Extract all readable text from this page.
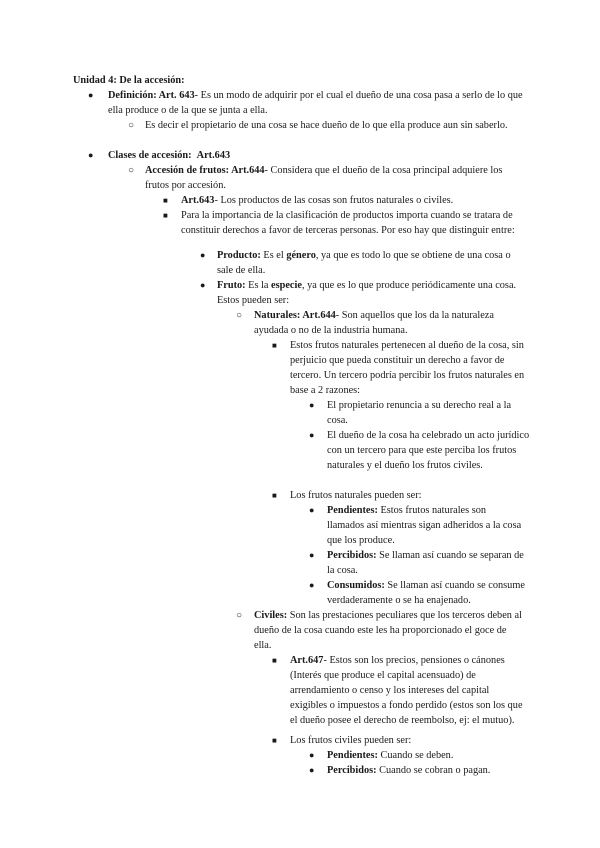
Unidad 4: De la accesión:
● Definición: Art. 643- Es un modo de adquirir por el cual el dueño de una cosa pasa a serlo de lo que ella produce o de la que se junta a ella.
○ Es decir el propietario de una cosa se hace dueño de lo que ella produce aun sin saberlo.
● Clases de accesión: Art.643
○ Accesión de frutos: Art.644- Considera que el dueño de la cosa principal adquiere los frutos por accesión.
■ Art.643- Los productos de las cosas son frutos naturales o civiles.
■ Para la importancia de la clasificación de productos importa cuando se tratara de constituir derechos a favor de terceras personas. Por eso hay que distinguir entre:
● Producto: Es el género, ya que es todo lo que se obtiene de una cosa o sale de ella.
● Fruto: Es la especie, ya que es lo que produce periódicamente una cosa. Estos pueden ser:
○ Naturales: Art.644- Son aquellos que los da la naturaleza ayudada o no de la industria humana.
■ Estos frutos naturales pertenecen al dueño de la cosa, sin perjuicio que pueda constituir un derecho a favor de tercero. Un tercero podría percibir los frutos naturales en base a 2 razones:
● El propietario renuncia a su derecho real a la cosa.
● El dueño de la cosa ha celebrado un acto jurídico con un tercero para que este perciba los frutos naturales y el dueño los frutos civiles.
■ Los frutos naturales pueden ser:
● Pendientes: Estos frutos naturales son llamados así mientras sigan adheridos a la cosa que los produce.
● Percibidos: Se llaman así cuando se separan de la cosa.
● Consumidos: Se llaman así cuando se consume verdaderamente o se ha enajenado.
○ Civiles: Son las prestaciones peculiares que los terceros deben al dueño de la cosa cuando este les ha proporcionado el goce de ella.
■ Art.647- Estos son los precios, pensiones o cánones (Interés que produce el capital acensuado) de arrendamiento o censo y los intereses del capital exigibles o impuestos a fondo perdido (estos son los que el dueño posee el derecho de reembolso, ej: el mutuo).
■ Los frutos civiles pueden ser:
● Pendientes: Cuando se deben.
● Percibidos: Cuando se cobran o pagan.
